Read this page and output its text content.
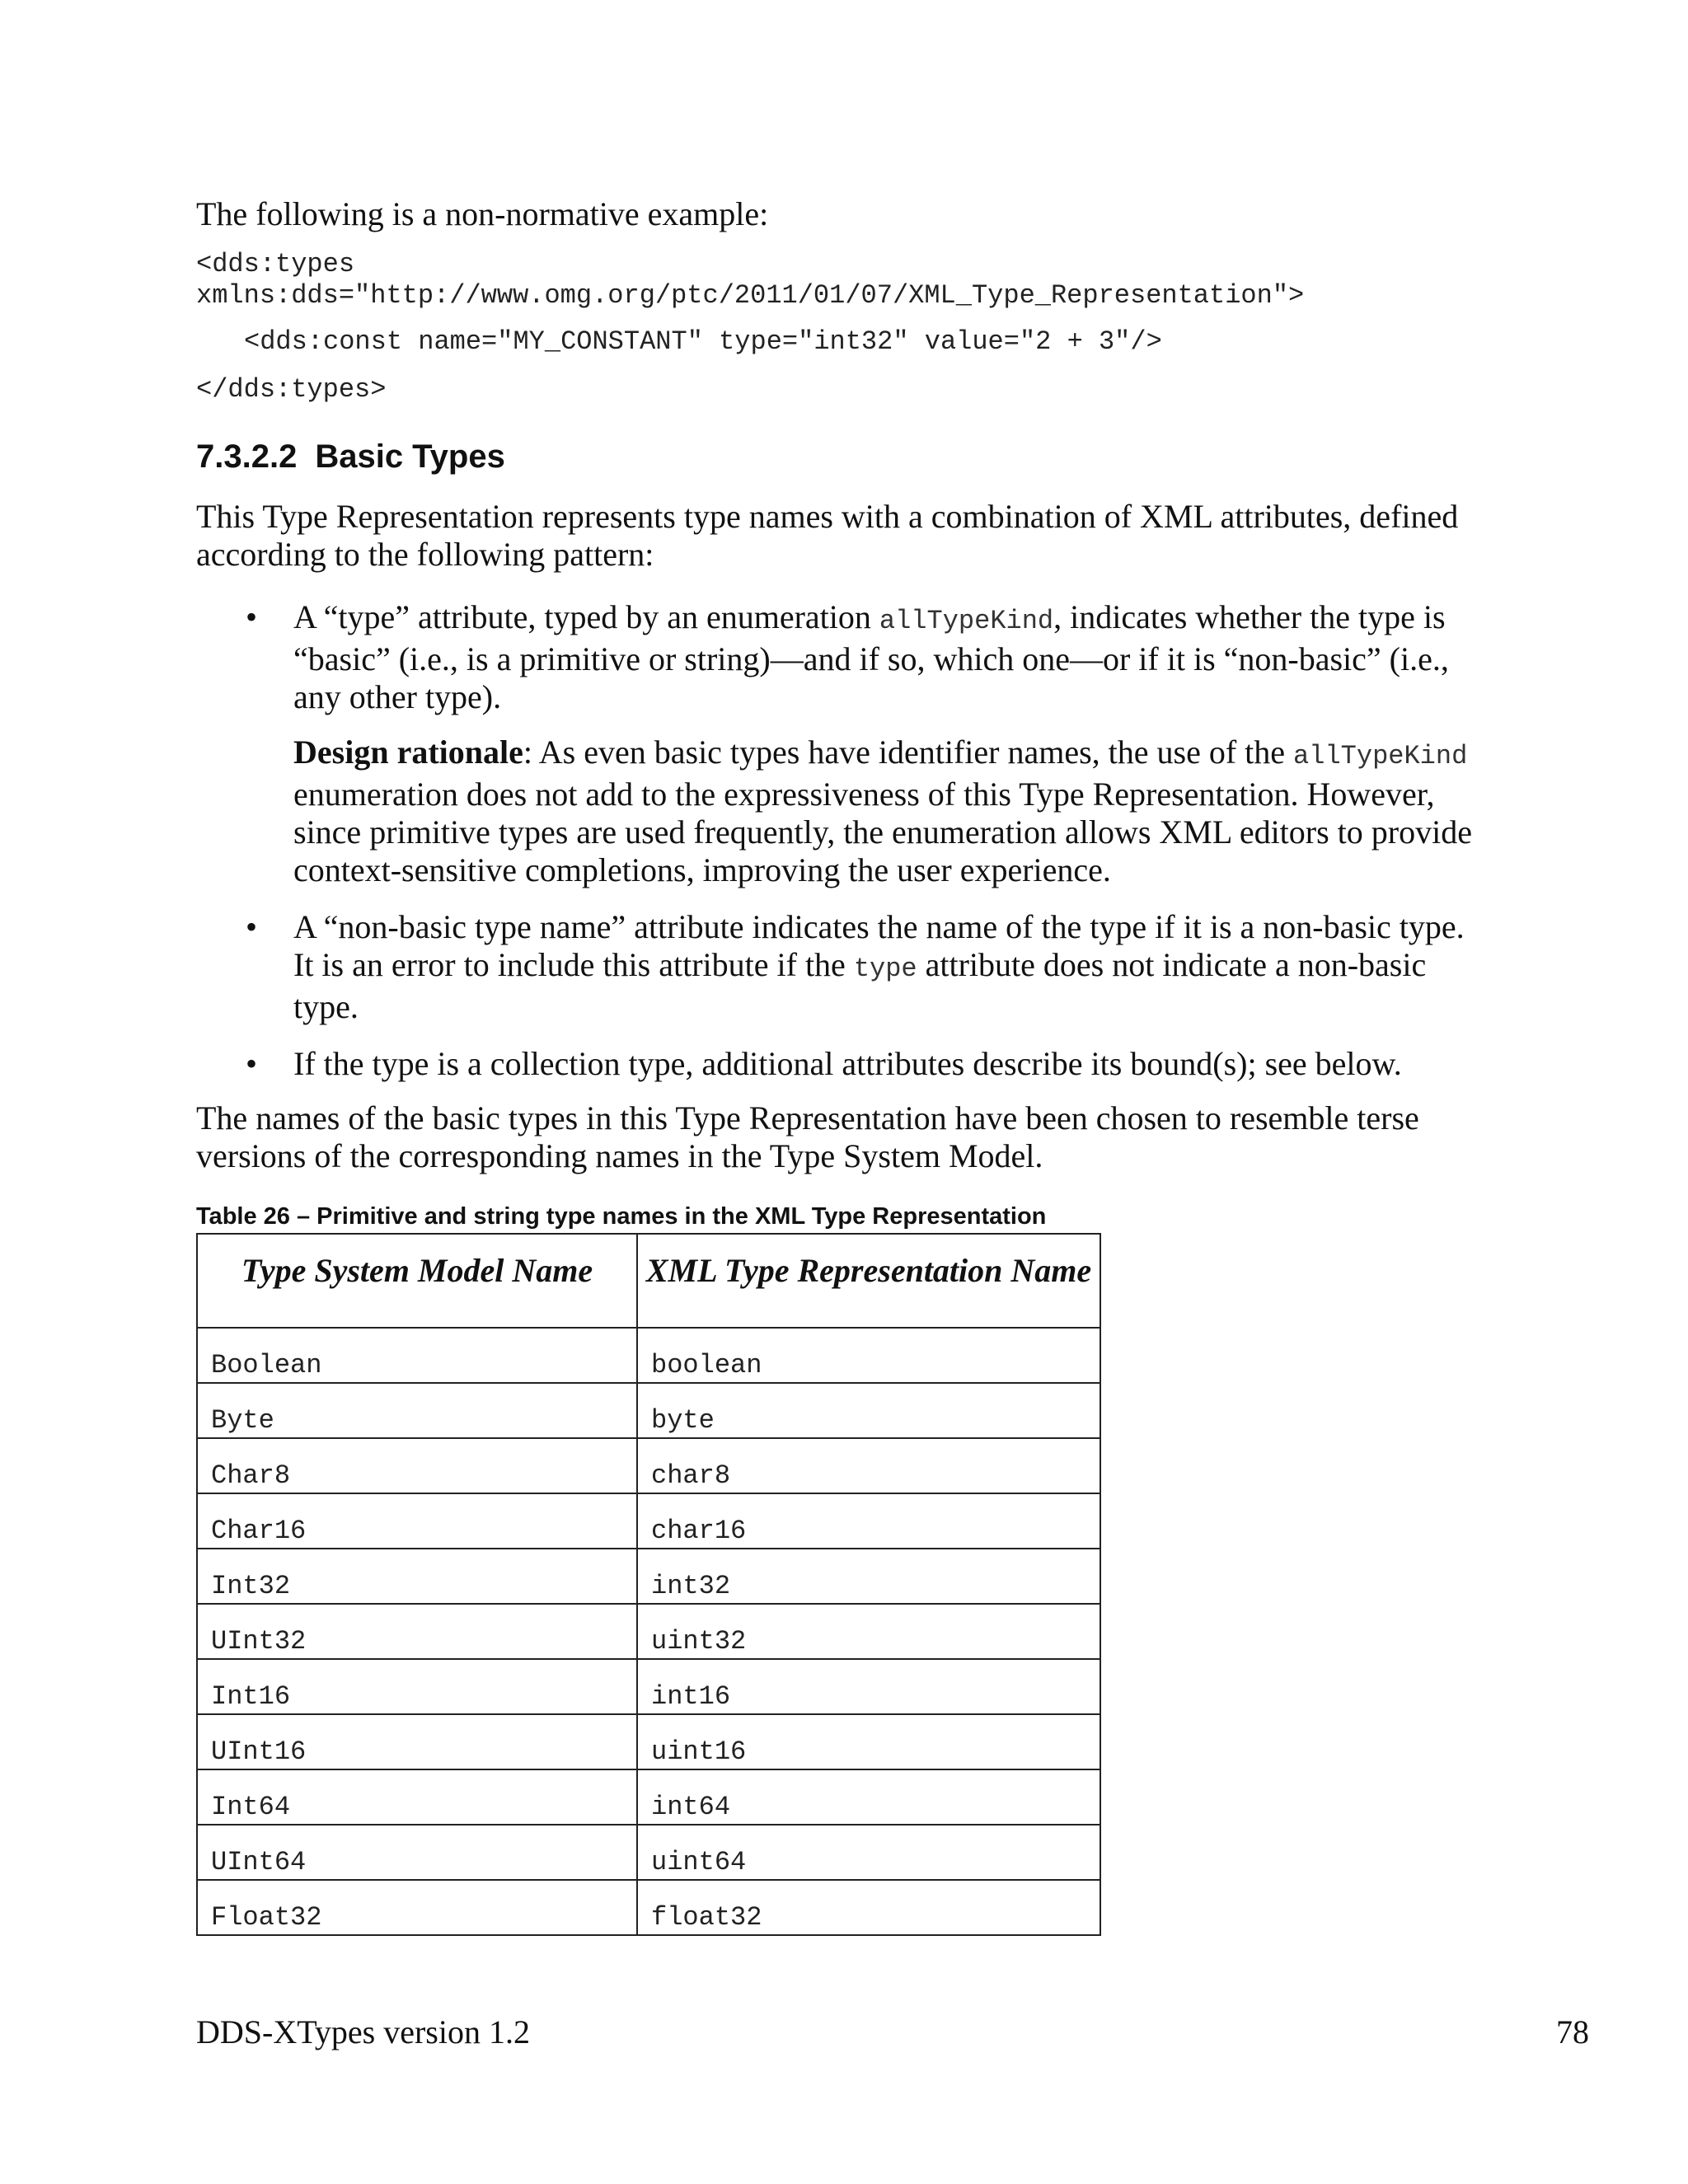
The following is a non-normative example:
<dds:types
xmlns:dds="http://www.omg.org/ptc/2011/01/07/XML_Type_Representation">
<dds:const name="MY_CONSTANT" type="int32" value="2 + 3"/>
</dds:types>
7.3.2.2 Basic Types
This Type Representation represents type names with a combination of XML attributes, defined according to the following pattern:
• A “type” attribute, typed by an enumeration allTypeKind, indicates whether the type is “basic” (i.e., is a primitive or string)—and if so, which one—or if it is “non-basic” (i.e., any other type).
Design rationale: As even basic types have identifier names, the use of the allTypeKind enumeration does not add to the expressiveness of this Type Representation. However, since primitive types are used frequently, the enumeration allows XML editors to provide context-sensitive completions, improving the user experience.
• A “non-basic type name” attribute indicates the name of the type if it is a non-basic type. It is an error to include this attribute if the type attribute does not indicate a non-basic type.
• If the type is a collection type, additional attributes describe its bound(s); see below.
The names of the basic types in this Type Representation have been chosen to resemble terse versions of the corresponding names in the Type System Model.
Table 26 – Primitive and string type names in the XML Type Representation
Type System Model Name	XML Type Representation Name
Boolean	boolean
Byte	byte
Char8	char8
Char16	char16
Int32	int32
UInt32	uint32
Int16	int16
UInt16	uint16
Int64	int64
UInt64	uint64
Float32	float32
DDS-XTypes version 1.2	78
